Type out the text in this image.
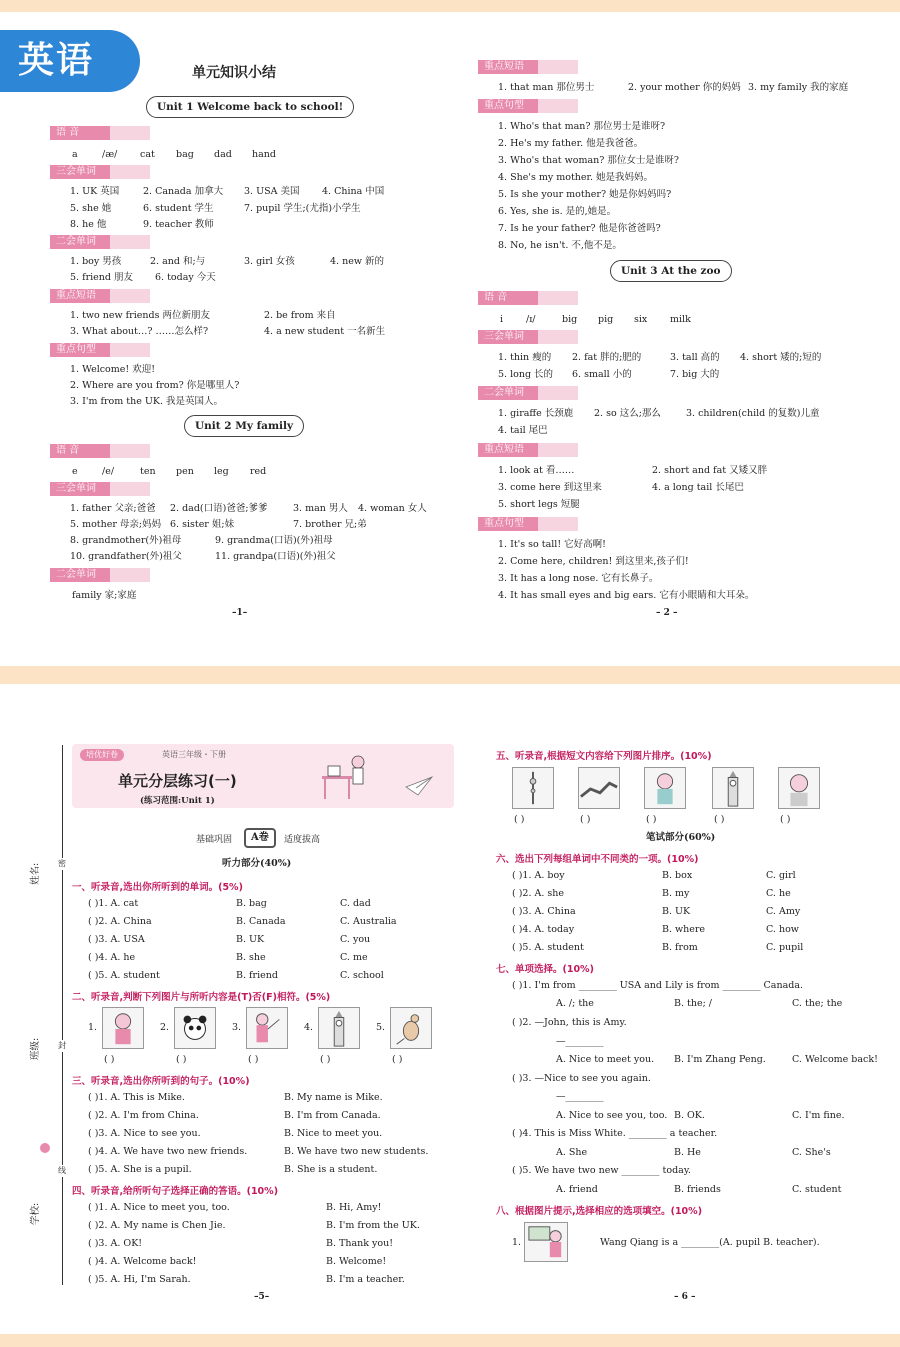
英语	单元知识小结
Unit 1 Welcome back to school!
语 音
a	/æ/ cat bag dad hand
三会单词
1. UK 英国	2. Canada 加拿大 3. USA 美国 4. China 中国
5. she 她	6. student 学生	7. pupil 学生;(尤指)小学生
8. he 他	9. teacher 教师
二会单词
1. boy 男孩	2. and 和;与	3. girl 女孩	4. new 新的
5. friend 朋友 6. today 今天
重点短语
1. two new friends 两位新朋友	2. be from 来自
3. What about…? ……怎么样?	4. a new student 一名新生
重点句型
1. Welcome! 欢迎!
2. Where are you from? 你是哪里人?
3. I'm from the UK. 我是英国人。
Unit 2 My family
语 音
e	/e/	ten pen leg red
三会单词
1. father 父亲;爸爸 2. dad(口语)爸爸;爹爹	3. man 男人 4. woman 女人
5. mother 母亲;妈妈 6. sister 姐;妹	7. brother 兄;弟
8. grandmother(外)祖母	9. grandma(口语)(外)祖母
10. grandfather(外)祖父	11. grandpa(口语)(外)祖父
二会单词
family 家;家庭
–1–
重点短语
1. that man 那位男士	2. your mother 你的妈妈 3. my family 我的家庭
重点句型
1. Who's that man? 那位男士是谁呀?
2. He's my father. 他是我爸爸。
3. Who's that woman? 那位女士是谁呀?
4. She's my mother. 她是我妈妈。
5. Is she your mother? 她是你妈妈吗?
6. Yes, she is. 是的,她是。
7. Is he your father? 他是你爸爸吗?
8. No, he isn't. 不,他不是。
Unit 3 At the zoo
语 音
i /ɪ/	big pig six milk
三会单词
1. thin 瘦的 2. fat 胖的;肥的	3. tall 高的 4. short 矮的;短的
5. long 长的 6. small 小的	7. big 大的
二会单词
1. giraffe 长颈鹿 2. so 这么;那么	3. children(child 的复数)儿童
4. tail 尾巴
重点短语
1. look at 看……	2. short and fat 又矮又胖
3. come here 到这里来	4. a long tail 长尾巴
5. short legs 短腿
重点句型
1. It's so tall! 它好高啊!
2. Come here, children! 到这里来,孩子们!
3. It has a long nose. 它有长鼻子。
4. It has small eyes and big ears. 它有小眼睛和大耳朵。
– 2 –
姓名:
班级:
学校:
密
封
线
培优好卷	英语三年级・下册
单元分层练习(一)
(练习范围:Unit 1)
基础巩固	A卷	适度拔高
听力部分(40%)
一、听录音,选出你所听到的单词。(5%)
( )1. A. cat	B. bag	C. dad
( )2. A. China	B. Canada	C. Australia
( )3. A. USA	B. UK	C. you
( )4. A. he	B. she	C. me
( )5. A. student	B. friend	C. school
二、听录音,判断下列图片与所听内容是(T)否(F)相符。(5%)
1.	2.	3.	4.	5.
( )	( )	( )	( )	( )
三、听录音,选出你所听到的句子。(10%)
( )1. A. This is Mike.	B. My name is Mike.
( )2. A. I'm from China.	B. I'm from Canada.
( )3. A. Nice to see you.	B. Nice to meet you.
( )4. A. We have two new friends.	B. We have two new students.
( )5. A. She is a pupil.	B. She is a student.
四、听录音,给所听句子选择正确的答语。(10%)
( )1. A. Nice to meet you, too.	B. Hi, Amy!
( )2. A. My name is Chen Jie.	B. I'm from the UK.
( )3. A. OK!	B. Thank you!
( )4. A. Welcome back!	B. Welcome!
( )5. A. Hi, I'm Sarah.	B. I'm a teacher.
–5–
五、听录音,根据短文内容给下列图片排序。(10%)
( )	( )	( )	( )	( )
笔试部分(60%)
六、选出下列每组单词中不同类的一项。(10%)
( )1. A. boy	B. box	C. girl
( )2. A. she	B. my	C. he
( )3. A. China	B. UK	C. Amy
( )4. A. today	B. where	C. how
( )5. A. student	B. from	C. pupil
七、单项选择。(10%)
( )1. I'm from ________ USA and Lily is from ________ Canada.
A. /; the	B. the; /	C. the; the
( )2. —John, this is Amy.
—________
A. Nice to meet you. B. I'm Zhang Peng.	C. Welcome back!
( )3. —Nice to see you again.
—________
A. Nice to see you, too. B. OK.	C. I'm fine.
( )4. This is Miss White. ________ a teacher.
A. She	B. He	C. She's
( )5. We have two new ________ today.
A. friend	B. friends	C. student
八、根据图片提示,选择相应的选项填空。(10%)
1.	Wang Qiang is a ________(A. pupil B. teacher).
– 6 –
